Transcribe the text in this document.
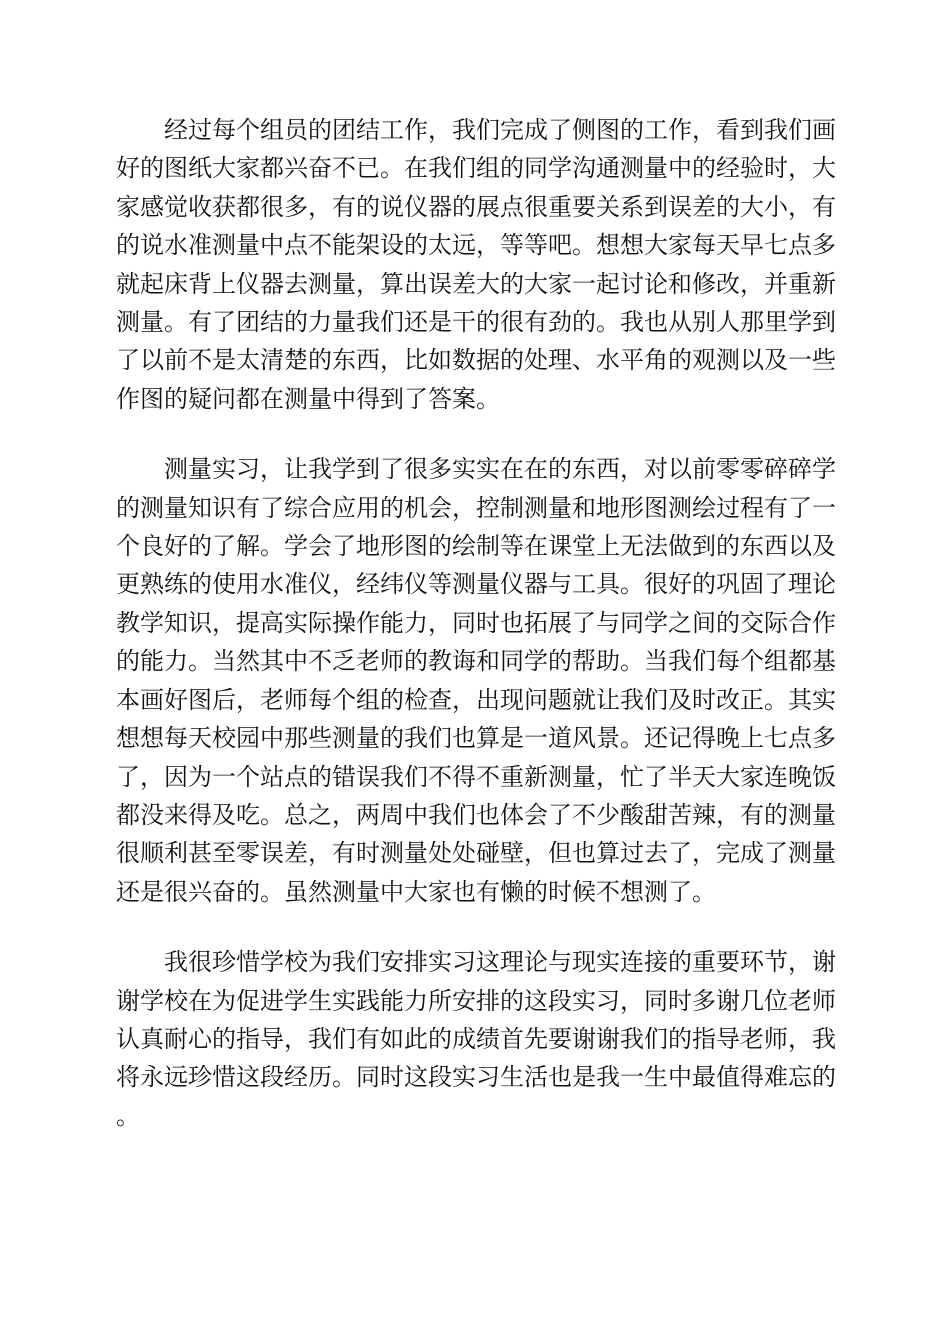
经过每个组员的团结工作，我们完成了侧图的工作，看到我们画好的图纸大家都兴奋不已。在我们组的同学沟通测量中的经验时，大家感觉收获都很多，有的说仪器的展点很重要关系到误差的大小，有的说水准测量中点不能架设的太远，等等吧。想想大家每天早七点多就起床背上仪器去测量，算出误差大的大家一起讨论和修改，并重新测量。有了团结的力量我们还是干的很有劲的。我也从别人那里学到了以前不是太清楚的东西，比如数据的处理、水平角的观测以及一些作图的疑问都在测量中得到了答案。

测量实习，让我学到了很多实实在在的东西，对以前零零碎碎学的测量知识有了综合应用的机会，控制测量和地形图测绘过程有了一个良好的了解。学会了地形图的绘制等在课堂上无法做到的东西以及更熟练的使用水准仪，经纬仪等测量仪器与工具。很好的巩固了理论教学知识，提高实际操作能力，同时也拓展了与同学之间的交际合作的能力。当然其中不乏老师的教诲和同学的帮助。当我们每个组都基本画好图后，老师每个组的检查，出现问题就让我们及时改正。其实想想每天校园中那些测量的我们也算是一道风景。还记得晚上七点多了，因为一个站点的错误我们不得不重新测量，忙了半天大家连晚饭都没来得及吃。总之，两周中我们也体会了不少酸甜苦辣，有的测量很顺利甚至零误差，有时测量处处碰壁，但也算过去了，完成了测量还是很兴奋的。虽然测量中大家也有懒的时候不想测了。

我很珍惜学校为我们安排实习这理论与现实连接的重要环节，谢谢学校在为促进学生实践能力所安排的这段实习，同时多谢几位老师认真耐心的指导，我们有如此的成绩首先要谢谢我们的指导老师，我将永远珍惜这段经历。同时这段实习生活也是我一生中最值得难忘的。
